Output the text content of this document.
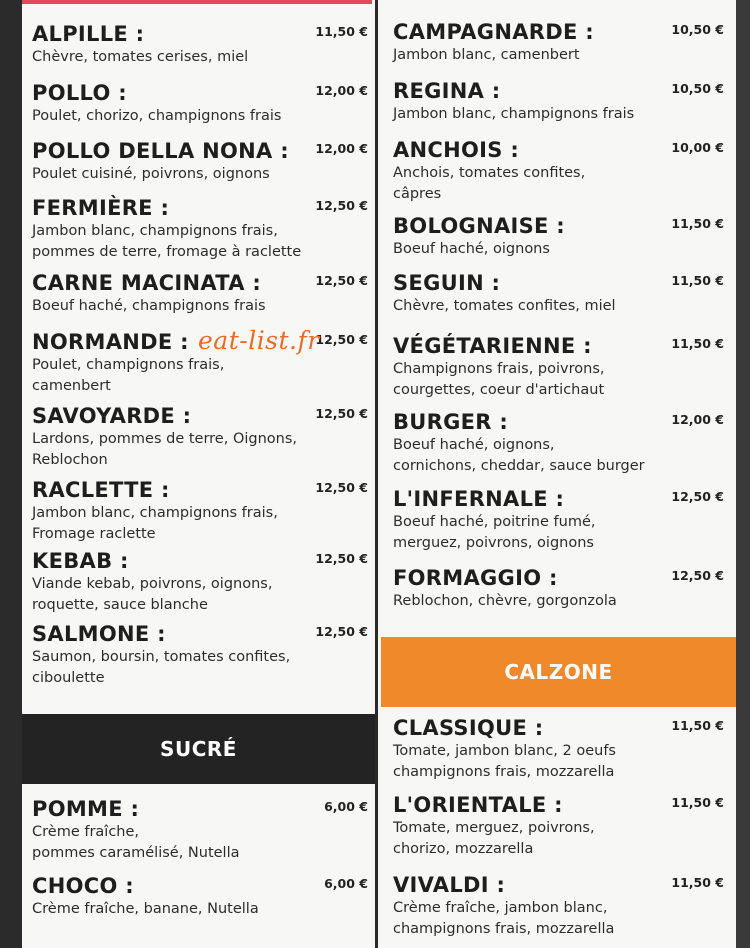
ALPILLE :
Chèvre, tomates cerises, miel
11,50 €
POLLO :
Poulet, chorizo, champignons frais
12,00 €
POLLO DELLA NONA :
Poulet cuisiné, poivrons, oignons
12,00 €
FERMIÈRE :
Jambon blanc, champignons frais,
pommes de terre, fromage à raclette
12,50 €
CARNE MACINATA :
Boeuf haché, champignons frais
12,50 €
NORMANDE :
Poulet, champignons frais,
camenbert
12,50 €
SAVOYARDE :
Lardons, pommes de terre, Oignons,
Reblochon
12,50 €
RACLETTE :
Jambon blanc, champignons frais,
Fromage raclette
12,50 €
KEBAB :
Viande kebab, poivrons, oignons,
roquette, sauce blanche
12,50 €
SALMONE :
Saumon, boursin, tomates confites,
ciboulette
12,50 €
POMME :
Crème fraîche,
pommes caramélisé, Nutella
6,00 €
CHOCO :
Crème fraîche, banane, Nutella
6,00 €
CAMPAGNARDE :
Jambon blanc, camenbert
10,50 €
REGINA :
Jambon blanc, champignons frais
10,50 €
ANCHOIS :
Anchois, tomates confites,
câpres
10,00 €
BOLOGNAISE :
Boeuf haché, oignons
11,50 €
SEGUIN :
Chèvre, tomates confites, miel
11,50 €
VÉGÉTARIENNE :
Champignons frais, poivrons,
courgettes, coeur d'artichaut
11,50 €
BURGER :
Boeuf haché, oignons,
cornichons, cheddar, sauce burger
12,00 €
L'INFERNALE :
Boeuf haché, poitrine fumé,
merguez, poivrons, oignons
12,50 €
FORMAGGIO :
Reblochon, chèvre, gorgonzola
12,50 €
CLASSIQUE :
Tomate, jambon blanc, 2 oeufs
champignons frais, mozzarella
11,50 €
L'ORIENTALE :
Tomate, merguez, poivrons,
chorizo, mozzarella
11,50 €
VIVALDI :
Crème fraîche, jambon blanc,
champignons frais, mozzarella
11,50 €
SUCRÉ
CALZONE
eat-list.fr
